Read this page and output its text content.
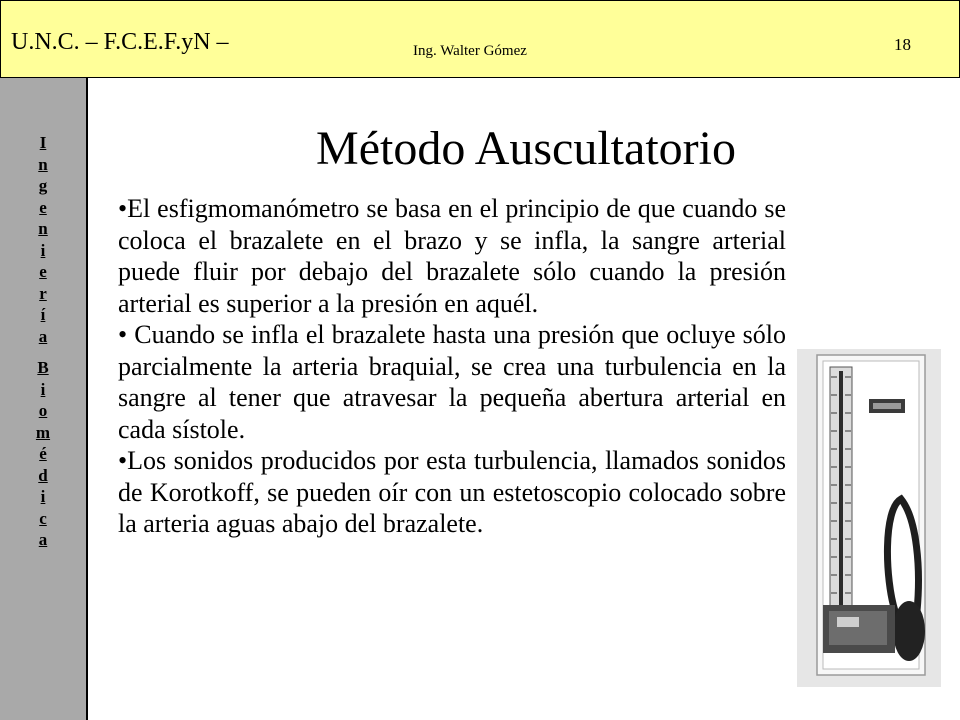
U.N.C. – F.C.E.F.yN –	Ing. Walter Gómez	18
I
n
g
e
n
i
e
r
í
a
B
i
o
m
é
d
i
c
a
Método Auscultatorio

•El esfigmomanómetro se basa en el principio de que cuando se coloca el brazalete en el brazo y se infla, la sangre arterial puede fluir por debajo del brazalete sólo cuando la presión arterial es superior a la presión en aquél.

• Cuando se infla el brazalete hasta una presión que ocluye sólo parcialmente la arteria braquial, se crea una turbulencia en la sangre al tener que atravesar la pequeña abertura arterial en cada sístole.

•Los sonidos producidos por esta turbulencia, llamados sonidos de Korotkoff, se pueden oír con un estetoscopio colocado sobre la arteria aguas abajo del brazalete.
